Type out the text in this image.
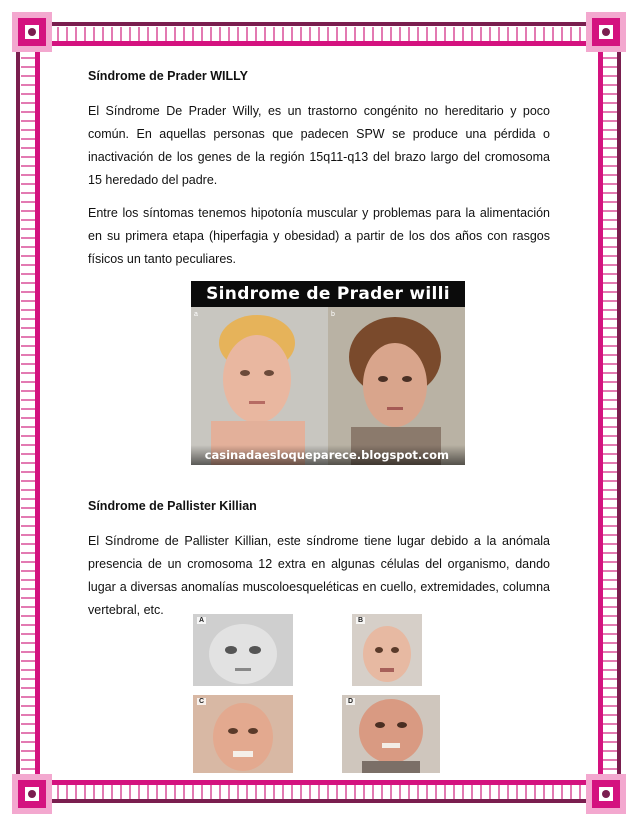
Síndrome de Prader WILLY

El Síndrome De Prader Willy, es un trastorno congénito no hereditario y poco común. En aquellas personas que padecen SPW se produce una pérdida o inactivación de los genes de la región 15q11-q13 del brazo largo del cromosoma 15 heredado del padre.

Entre los síntomas tenemos hipotonía muscular y problemas para la alimentación en su primera etapa (hiperfagia y obesidad) a partir de los dos años con rasgos físicos un tanto peculiares.

Sindrome de Prader willi
a	b
casinadaesloqueparece.blogspot.com
Síndrome de Pallister Killian

El Síndrome de Pallister Killian, este síndrome tiene lugar debido a la anómala presencia de un cromosoma 12 extra en algunas células del organismo, dando lugar a diversas anomalías muscoloesqueléticas en cuello, extremidades, columna vertebral, etc.

A	B
C	D
